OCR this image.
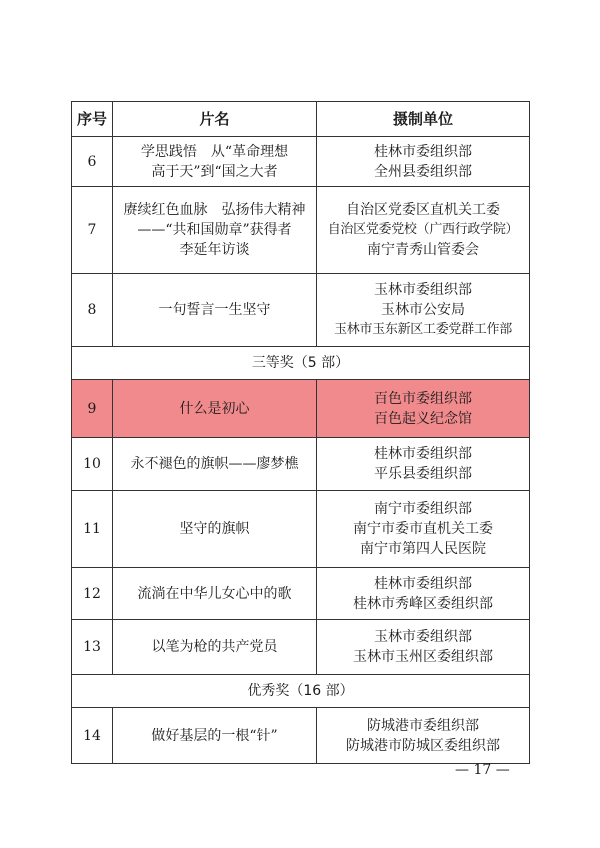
序号	片名	摄制单位
6	学思践悟　从“革命理想
高于天”到“国之大者	桂林市委组织部
全州县委组织部

7	赓续红色血脉　弘扬伟大精神
——“共和国勋章”获得者
李延年访谈	自治区党委区直机关工委
自治区党委党校（广西行政学院）
南宁青秀山管委会

8	一句誓言一生坚守	玉林市委组织部
玉林市公安局
玉林市玉东新区工委党群工作部

三等奖（5 部）		
9	什么是初心	百色市委组织部
百色起义纪念馆

10	永不褪色的旗帜——廖梦樵	桂林市委组织部
平乐县委组织部

11	坚守的旗帜	南宁市委组织部
南宁市委市直机关工委
南宁市第四人民医院

12	流淌在中华儿女心中的歌	桂林市委组织部
桂林市秀峰区委组织部

13	以笔为枪的共产党员	玉林市委组织部
玉林市玉州区委组织部

优秀奖（16 部）		
14	做好基层的一根“针”	防城港市委组织部
防城港市防城区委组织部
— 17 —
